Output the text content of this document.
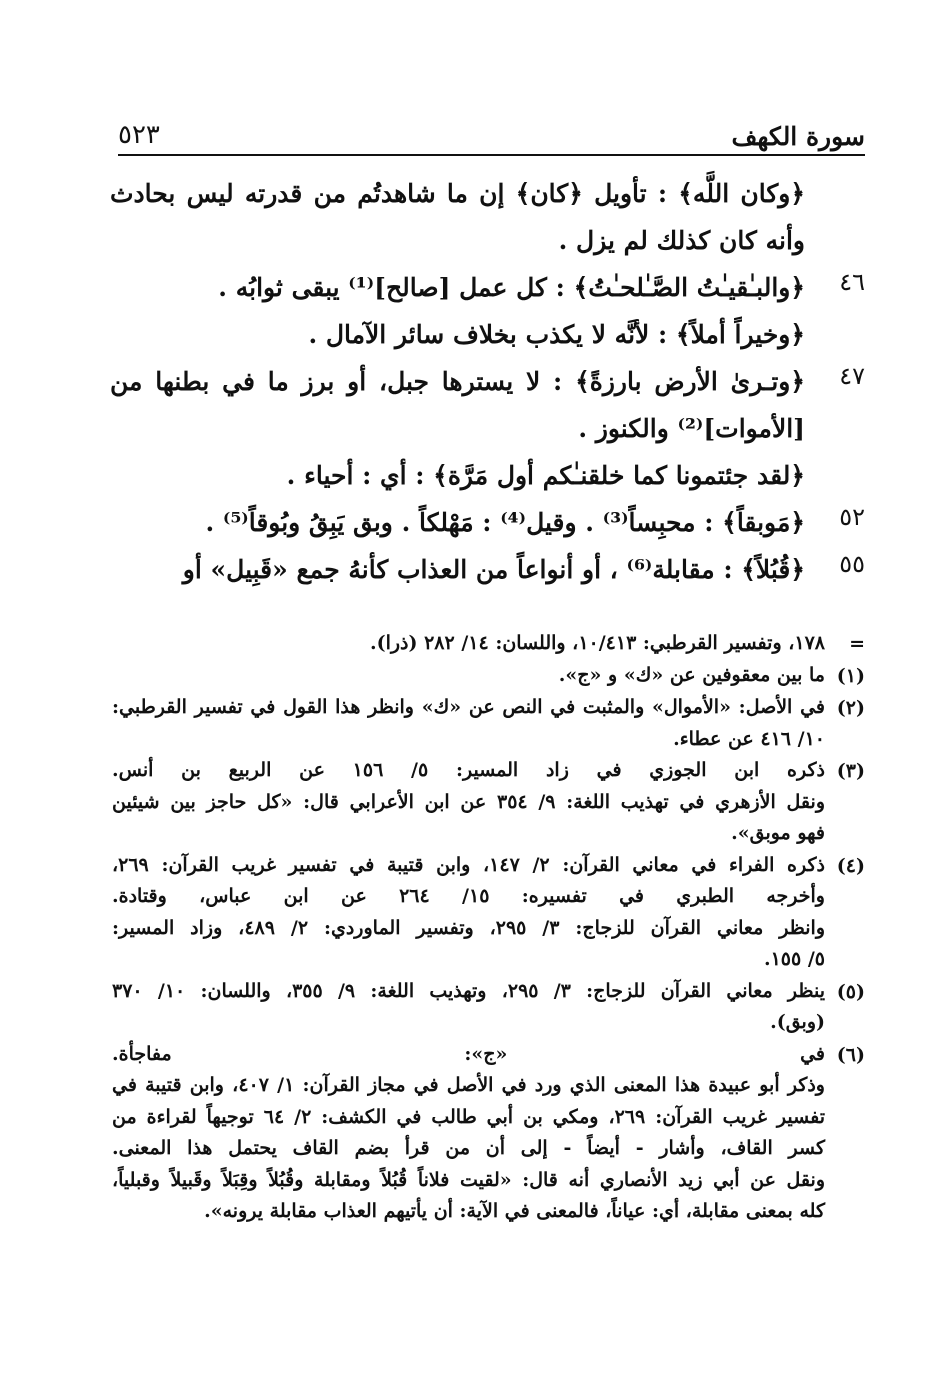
سورة الكهف
٥٢٣
﴿وكان اللَّه﴾ : تأويل ﴿كان﴾ إن ما شاهدتُم من قدرته ليس بحادث
وأنه كان كذلك لم يزل .
٤٦
﴿والبـٰقيـٰتُ الصَّـٰلحـٰتُ﴾ : كل عمل [صالح]⁽¹⁾ يبقى ثوابُه .
﴿وخيراً أملاً﴾ : لأنَّه لا يكذب بخلاف سائر الآمال .
٤٧
﴿وتـرىٰ الأرض بارزةً﴾ : لا يسترها جبل، أو برز ما في بطنها من
[الأموات]⁽²⁾ والكنوز .
﴿لقد جئتمونا كما خلقنـٰكم أول مَرَّة﴾ : أي : أحياء .
٥٢
﴿مَوبقاً﴾ : محبِساً⁽³⁾ . وقيل⁽⁴⁾ : مَهْلكاً . وبق يَبِقُ وبُوقاً⁽⁵⁾ .
٥٥
﴿قُبُلاً﴾ : مقابلة⁽⁶⁾ ، أو أنواعاً من العذاب كأنهُ جمع «قَبِيل» أو
=
١٧٨، وتفسير القرطبي: ١٠/٤١٣، واللسان: ١٤/ ٢٨٢ (ذرا).
(١)
ما بين معقوفين عن «ك» و «ج».
(٢)
في الأصل: «الأموال» والمثبت في النص عن «ك» وانظر هذا القول في تفسير القرطبي:
١٠/ ٤١٦ عن عطاء.
(٣)
ذكره ابن الجوزي في زاد المسير: ٥/ ١٥٦ عن الربيع بن أنس.
ونقل الأزهري في تهذيب اللغة: ٩/ ٣٥٤ عن ابن الأعرابي قال: «كل حاجز بين شيئين
فهو موبق».
(٤)
ذكره الفراء في معاني القرآن: ٢/ ١٤٧، وابن قتيبة في تفسير غريب القرآن: ٢٦٩،
وأخرجه الطبري في تفسيره: ١٥/ ٢٦٤ عن ابن عباس، وقتادة.
وانظر معاني القرآن للزجاج: ٣/ ٢٩٥، وتفسير الماوردي: ٢/ ٤٨٩، وزاد المسير:
٥/ ١٥٥.
(٥)
ينظر معاني القرآن للزجاج: ٣/ ٢٩٥، وتهذيب اللغة: ٩/ ٣٥٥، واللسان: ١٠/ ٣٧٠
(وبق).
(٦)
في «ج»: مفاجأة.
وذكر أبو عبيدة هذا المعنى الذي ورد في الأصل في مجاز القرآن: ١/ ٤٠٧، وابن قتيبة في
تفسير غريب القرآن: ٢٦٩، ومكي بن أبي طالب في الكشف: ٢/ ٦٤ توجيهاً لقراءة من
كسر القاف، وأشار - أيضاً - إلى أن من قرأ بضم القاف يحتمل هذا المعنى.
ونقل عن أبي زيد الأنصاري أنه قال: «لقيت فلاناً قُبُلاً ومقابلة وقُبُلاً وقِبَلاً وقَبيلاً وقبلياً،
كله بمعنى مقابلة، أي: عياناً، فالمعنى في الآية: أن يأتيهم العذاب مقابلة يرونه».
